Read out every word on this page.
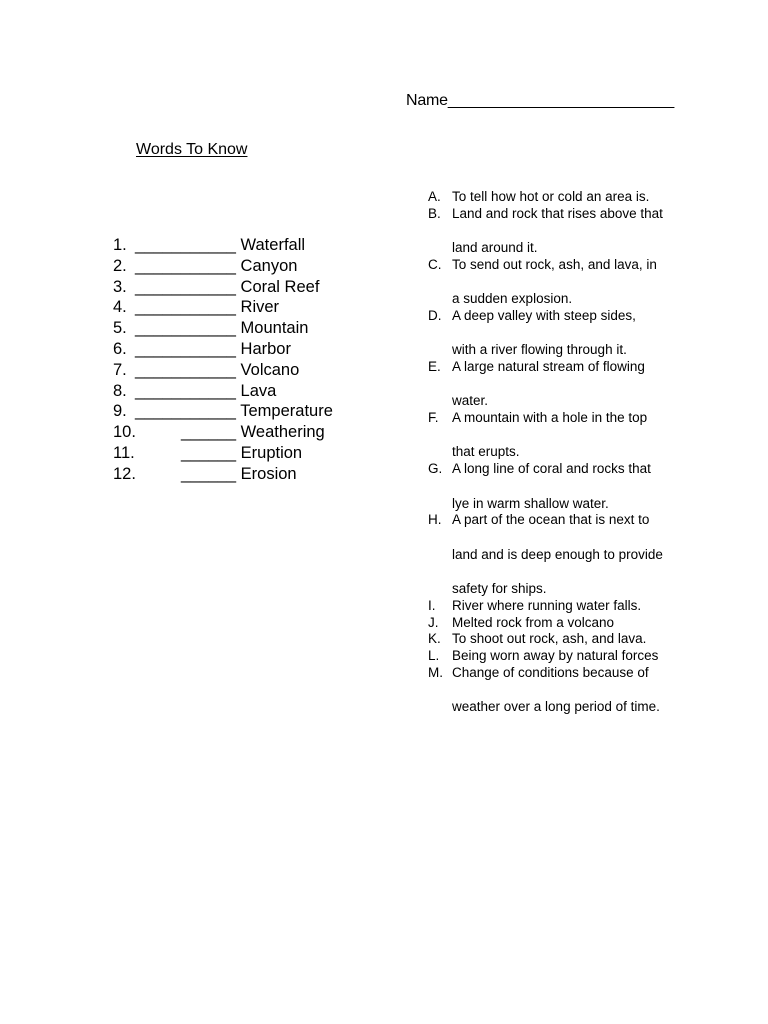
Name__________________________
Words To Know
1. ___________ Waterfall
2. ___________ Canyon
3. ___________ Coral Reef
4. ___________ River
5. ___________ Mountain
6. ___________ Harbor
7. ___________ Volcano
8. ___________ Lava
9. ___________ Temperature
10.	______ Weathering
11.	______ Eruption
12.	______ Erosion
A. To tell how hot or cold an area is.
B. Land and rock that rises above that
land around it.
C. To send out rock, ash, and lava, in
a sudden explosion.
D. A deep valley with steep sides,
with a river flowing through it.
E. A large natural stream of flowing
water.
F. A mountain with a hole in the top
that erupts.
G. A long line of coral and rocks that
lye in warm shallow water.
H. A part of the ocean that is next to
land and is deep enough to provide
safety for ships.
I.	River where running water falls.
J. Melted rock from a volcano
K. To shoot out rock, ash, and lava.
L. Being worn away by natural forces
M. Change of conditions because of
weather over a long period of time.
